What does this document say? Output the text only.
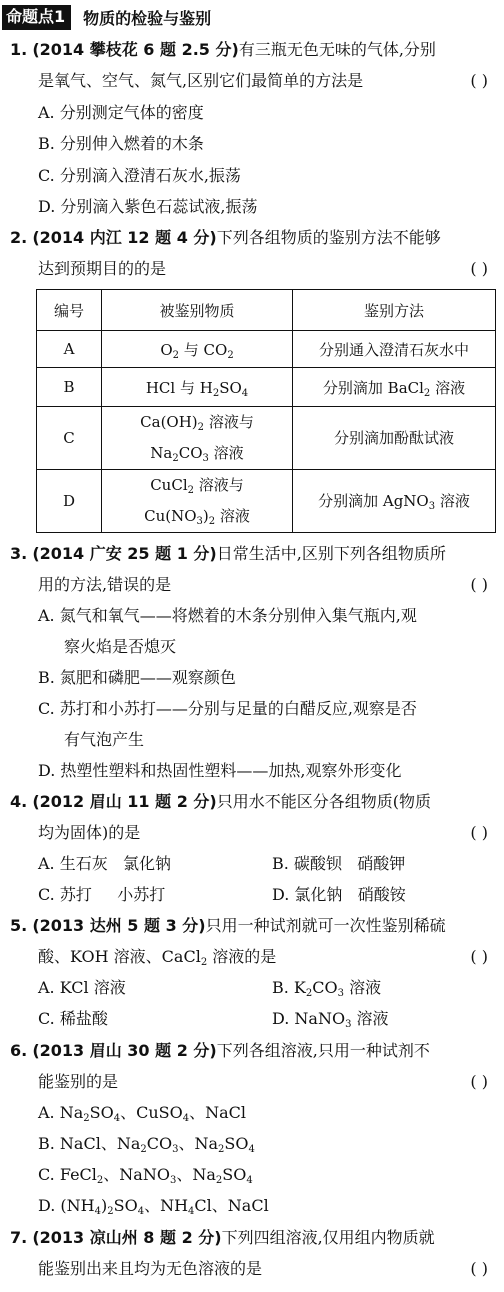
命题点1	物质的检验与鉴别
1. (2014 攀枝花 6 题 2.5 分)有三瓶无色无味的气体,分别
是氧气、空气、氮气,区别它们最简单的方法是	( )
A. 分别测定气体的密度
B. 分别伸入燃着的木条
C. 分别滴入澄清石灰水,振荡
D. 分别滴入紫色石蕊试液,振荡
2. (2014 内江 12 题 4 分)下列各组物质的鉴别方法不能够
达到预期目的的是	( )
编号	被鉴别物质	鉴别方法
A	$O_2$ 与 $CO_2$	分别通入澄清石灰水中
B	HCl 与 $H_2SO_4$	分别滴加 BaCl$_2$ 溶液
C	$Ca(OH)_2$ 溶液与
$Na_2CO_3$ 溶液	分别滴加酚酞试液
D	CuCl$_2$ 溶液与
$Cu(NO_3)_2$ 溶液	分别滴加 AgNO$_3$ 溶液
3. (2014 广安 25 题 1 分)日常生活中,区别下列各组物质所
用的方法,错误的是	( )
A. 氮气和氧气——将燃着的木条分别伸入集气瓶内,观
察火焰是否熄灭
B. 氮肥和磷肥——观察颜色
C. 苏打和小苏打——分别与足量的白醋反应,观察是否
有气泡产生
D. 热塑性塑料和热固性塑料——加热,观察外形变化
4. (2012 眉山 11 题 2 分)只用水不能区分各组物质(物质
均为固体)的是	( )
A. 生石灰   氯化钠	B. 碳酸钡   硝酸钾
C. 苏打     小苏打	D. 氯化钠   硝酸铵
5. (2013 达州 5 题 3 分)只用一种试剂就可一次性鉴别稀硫
酸、KOH 溶液、CaCl$_2$ 溶液的是	( )
A. KCl 溶液	B. $K_2CO_3$ 溶液
C. 稀盐酸	D. NaNO$_3$ 溶液
6. (2013 眉山 30 题 2 分)下列各组溶液,只用一种试剂不
能鉴别的是	( )
A. $Na_2SO_4$、CuSO$_4$、NaCl
B. NaCl、$Na_2CO_3$、$Na_2SO_4$
C. FeCl$_2$、NaNO$_3$、$Na_2SO_4$
D. $(NH_4)_2SO_4$、$NH_4Cl$、NaCl
7. (2013 凉山州 8 题 2 分)下列四组溶液,仅用组内物质就
能鉴别出来且均为无色溶液的是	( )
